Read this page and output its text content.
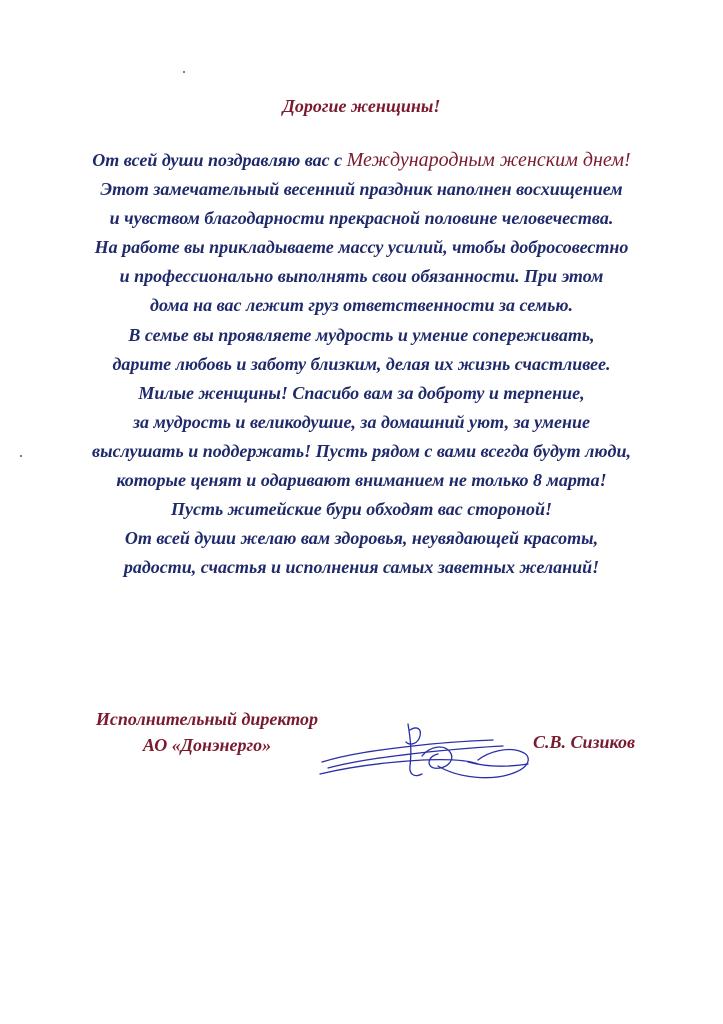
Дорогие женщины!
От всей души поздравляю вас с Международным женским днем!
Этот замечательный весенний праздник наполнен восхищением
и чувством благодарности прекрасной половине человечества.
На работе вы прикладываете массу усилий, чтобы добросовестно
и профессионально выполнять свои обязанности. При этом
дома на вас лежит груз ответственности за семью.
В семье вы проявляете мудрость и умение сопереживать,
дарите любовь и заботу близким, делая их жизнь счастливее.
Милые женщины! Спасибо вам за доброту и терпение,
за мудрость и великодушие, за домашний уют, за умение
выслушать и поддержать! Пусть рядом с вами всегда будут люди,
которые ценят и одаривают вниманием не только 8 марта!
Пусть житейские бури обходят вас стороной!
От всей души желаю вам здоровья, неувядающей красоты,
радости, счастья и исполнения самых заветных желаний!
Исполнительный директор
АО «Донэнерго»	С.В. Сизиков
